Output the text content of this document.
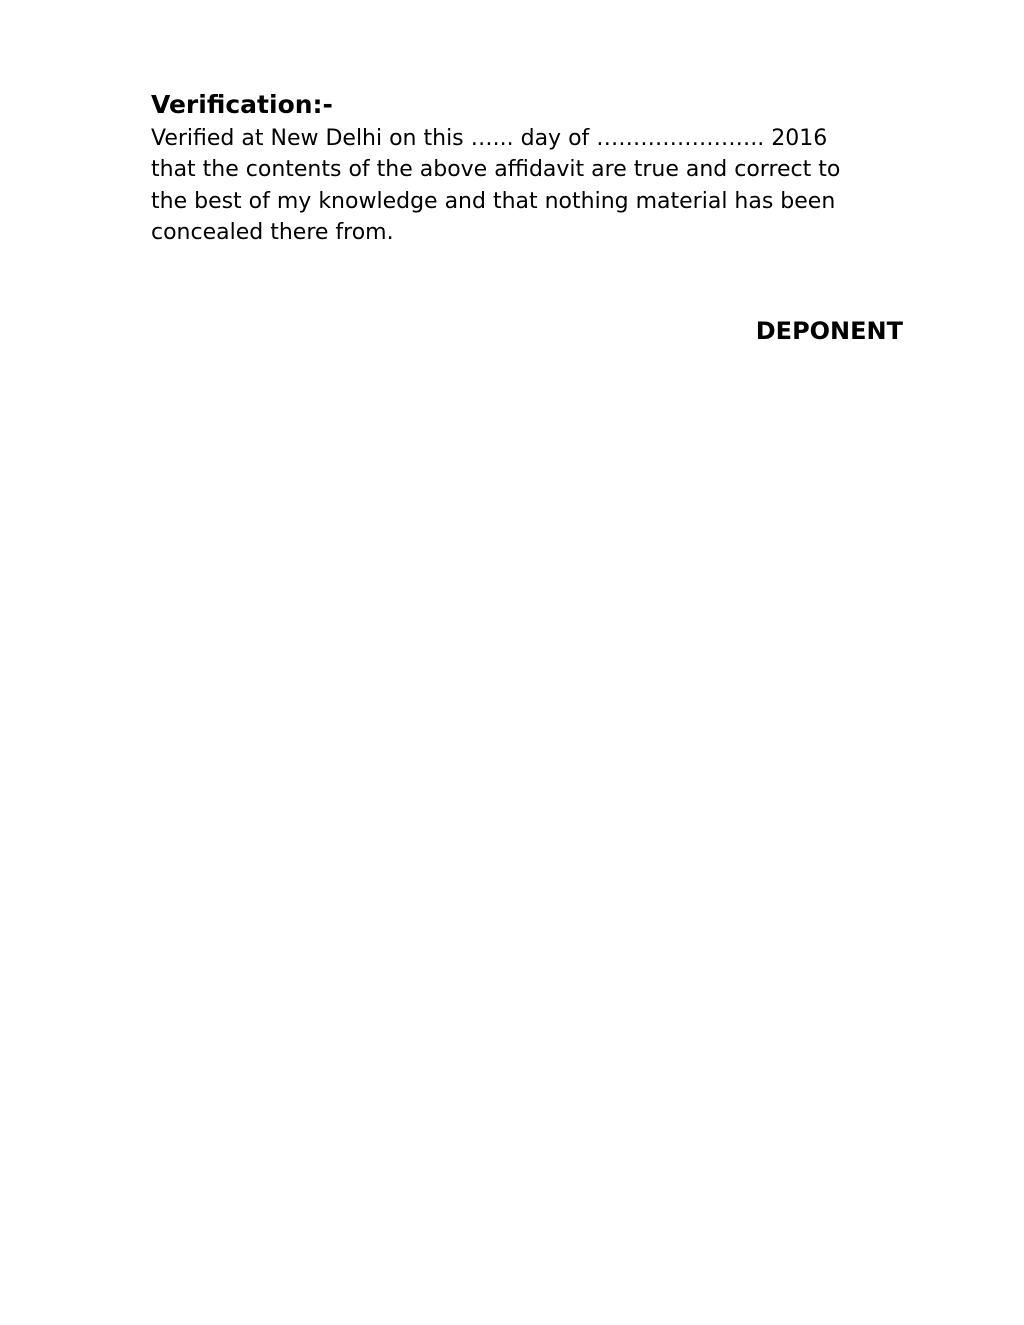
Verification:-
Verified at New Delhi on this …... day of ………………….. 2016
that the contents of the above affidavit are true and correct to
the best of my knowledge and that nothing material has been
concealed there from.
DEPONENT
